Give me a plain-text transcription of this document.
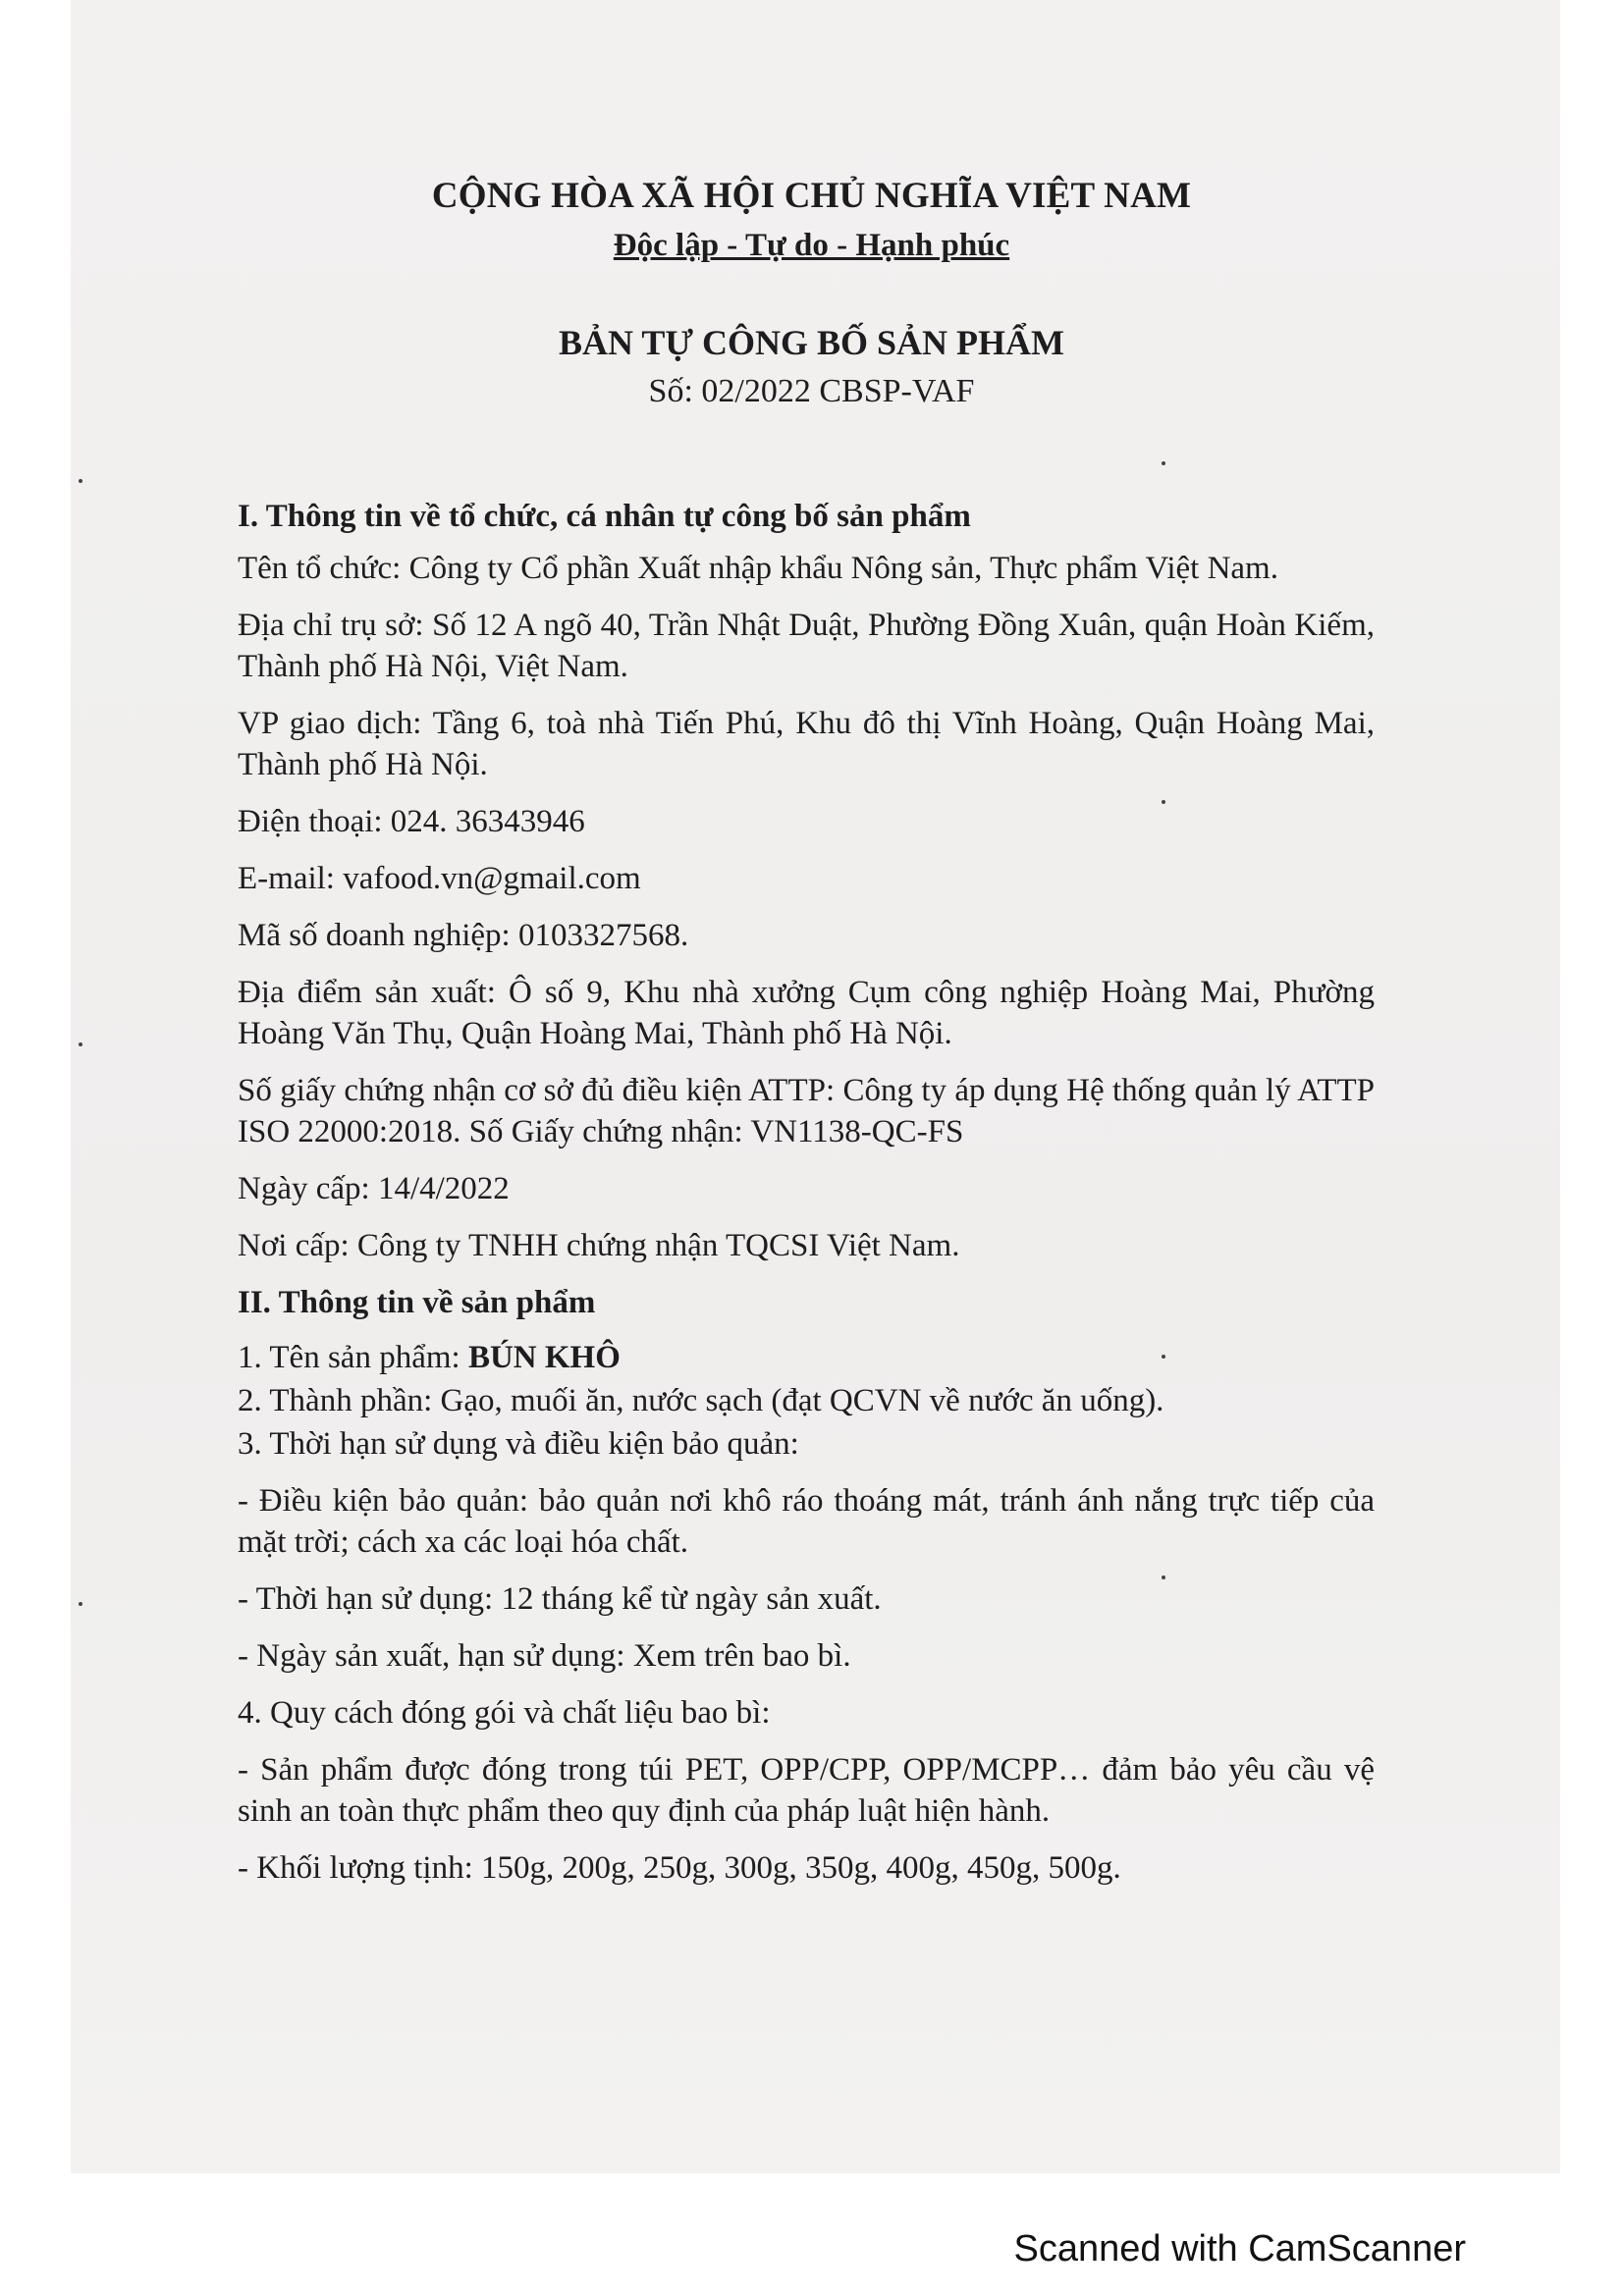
CỘNG HÒA XÃ HỘI CHỦ NGHĨA VIỆT NAM
Độc lập - Tự do - Hạnh phúc
BẢN TỰ CÔNG BỐ SẢN PHẨM
Số: 02/2022 CBSP-VAF
I. Thông tin về tổ chức, cá nhân tự công bố sản phẩm
Tên tổ chức: Công ty Cổ phần Xuất nhập khẩu Nông sản, Thực phẩm Việt Nam.
Địa chỉ trụ sở: Số 12 A ngõ 40, Trần Nhật Duật, Phường Đồng Xuân, quận Hoàn Kiếm, Thành phố Hà Nội, Việt Nam.
VP giao dịch: Tầng 6, toà nhà Tiến Phú, Khu đô thị Vĩnh Hoàng, Quận Hoàng Mai, Thành phố Hà Nội.
Điện thoại: 024. 36343946
E-mail: vafood.vn@gmail.com
Mã số doanh nghiệp: 0103327568.
Địa điểm sản xuất: Ô số 9, Khu nhà xưởng Cụm công nghiệp Hoàng Mai, Phường Hoàng Văn Thụ, Quận Hoàng Mai, Thành phố Hà Nội.
Số giấy chứng nhận cơ sở đủ điều kiện ATTP: Công ty áp dụng Hệ thống quản lý ATTP ISO 22000:2018. Số Giấy chứng nhận: VN1138-QC-FS
Ngày cấp: 14/4/2022
Nơi cấp: Công ty TNHH chứng nhận TQCSI Việt Nam.
II. Thông tin về sản phẩm
1. Tên sản phẩm: BÚN KHÔ
2. Thành phần: Gạo, muối ăn, nước sạch (đạt QCVN về nước ăn uống).
3. Thời hạn sử dụng và điều kiện bảo quản:
- Điều kiện bảo quản: bảo quản nơi khô ráo thoáng mát, tránh ánh nắng trực tiếp của mặt trời; cách xa các loại hóa chất.
- Thời hạn sử dụng: 12 tháng kể từ ngày sản xuất.
- Ngày sản xuất, hạn sử dụng: Xem trên bao bì.
4. Quy cách đóng gói và chất liệu bao bì:
- Sản phẩm được đóng trong túi PET, OPP/CPP, OPP/MCPP… đảm bảo yêu cầu vệ sinh an toàn thực phẩm theo quy định của pháp luật hiện hành.
- Khối lượng tịnh: 150g, 200g, 250g, 300g, 350g, 400g, 450g, 500g.
Scanned with CamScanner
